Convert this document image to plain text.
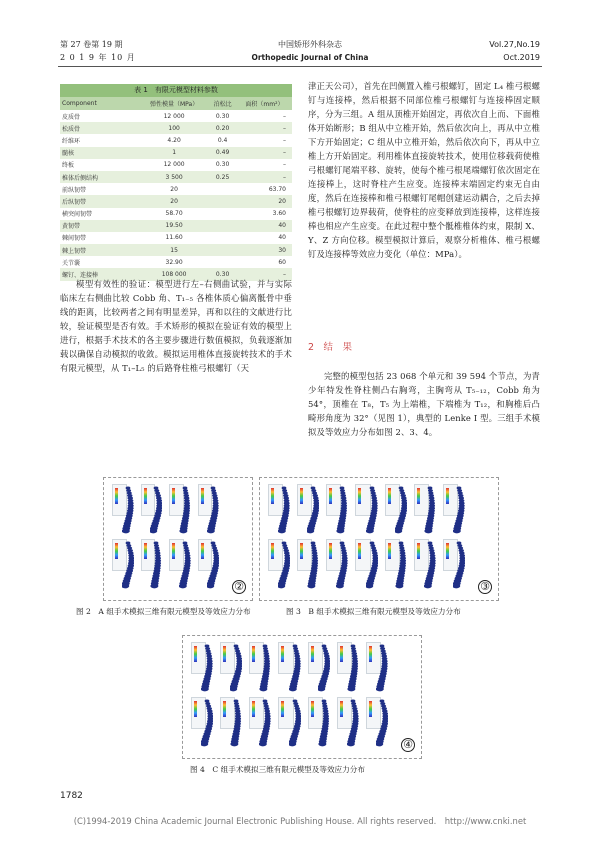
第 27 卷第 19 期
2 0 1 9 年 10 月
中国矫形外科杂志
Orthopedic Journal of China
Vol.27,No.19
Oct.2019
表 1　有限元模型材料参数
Component	弹性模量（MPa）	泊松比	面积（mm²）
皮质骨	12 000	0.30	–
松质骨	100	0.20	–
纤维环	4.20	0.4	–
髓核	1	0.49	–
终板	12 000	0.30	–
椎体后侧结构	3 500	0.25	–
前纵韧带	20		63.70
后纵韧带	20		20
横突间韧带	58.70		3.60
黄韧带	19.50		40
棘间韧带	11.60		40
棘上韧带	15		30
关节囊	32.90		60
螺钉、连接棒	108 000	0.30	–

模型有效性的验证：模型进行左–右侧曲试验，并与实际临床左右侧曲比较 Cobb 角、T₁₋₅ 各椎体质心偏离骶骨中垂线的距离，比较两者之间有明显差异，再和以往的文献进行比较，验证模型是否有效。手术矫形的模拟在验证有效的模型上进行，根据手术技术的各主要步骤进行数值模拟，负载逐渐加载以确保自动模拟的收敛。模拟运用椎体直接旋转技术的手术有限元模型，从 T₁–L₅ 的后路脊柱椎弓根螺钉（天

津正天公司），首先在凹侧置入椎弓根螺钉，固定 L₄ 椎弓根螺钉与连接棒，然后根据不同部位椎弓根螺钉与连接棒固定顺序，分为三组。A 组从顶椎开始固定，再依次自上而、下面椎体开始断形；B 组从中立椎开始，然后依次向上，再从中立椎下方开始固定；C 组从中立椎开始，然后依次向下，再从中立椎上方开始固定。利用椎体直接旋转技术，使用位移载荷使椎弓根螺钉尾端平移、旋转，使每个椎弓根尾端螺钉依次固定在连接棒上，这时脊柱产生应变。连接棒末端固定约束无自由度，然后在连接棒和椎弓根螺钉尾帽创建运动耦合，之后去掉椎弓根螺钉边界载荷，使脊柱的应变释放到连接棒，这样连接棒也相应产生应变。在此过程中整个骶椎椎体约束，限制 X、Y、Z 方向位移。模型模拟计算后，观察分析椎体、椎弓根螺钉及连接棒等效应力变化（单位：MPa）。

2　结　果

完整的模型包括 23 068 个单元和 39 594 个节点，为青少年特发性脊柱侧凸右胸弯，主胸弯从 T₅₋₁₂，Cobb 角为 54°，顶椎在 T₈，T₅ 为上端椎，下端椎为 T₁₂，和胸椎后凸畸形角度为 32°（见图 1），典型的 Lenke I 型。三组手术模拟及等效应力分布如图 2、3、4。

②	③
图 2　A 组手术模拟三维有限元模型及等效应力分布	图 3　B 组手术模拟三维有限元模型及等效应力分布
④
图 4　C 组手术模拟三维有限元模型及等效应力分布
1782
(C)1994-2019 China Academic Journal Electronic Publishing House. All rights reserved.　http://www.cnki.net
